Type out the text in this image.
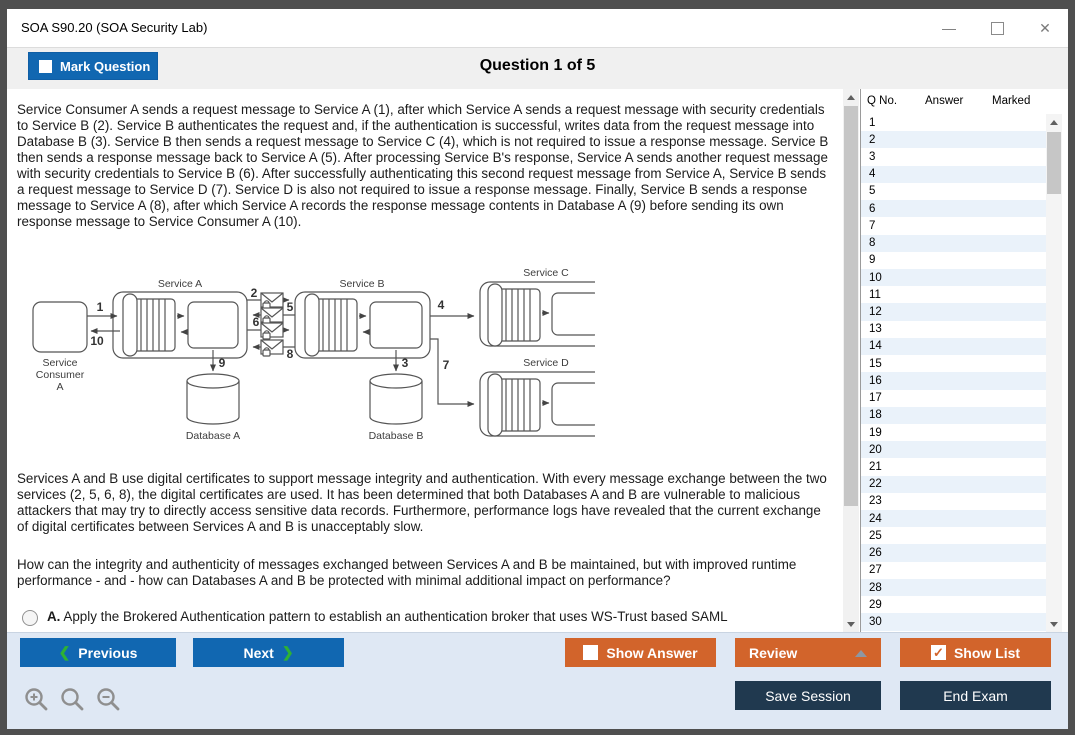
SOA S90.20 (SOA Security Lab)	—	✕
Mark Question	Question 1 of 5
Service Consumer A sends a request message to Service A (1), after which Service A sends a request message with security credentials to Service B (2). Service B authenticates the request and, if the authentication is successful, writes data from the request message into Database B (3). Service B then sends a request message to Service C (4), which is not required to issue a response message. Service B then sends a response message back to Service A (5). After processing Service B's response, Service A sends another request message with security credentials to Service B (6). After successfully authenticating this second request message from Service A, Service B sends a request message to Service D (7). Service D is also not required to issue a response message. Finally, Service B sends a response message to Service A (8), after which Service A records the response message contents in Database A (9) before sending its own response message to Service Consumer A (10).
Service
Consumer
A
Service A	Service B
Service C
Service D
Database A	Database B
1
10
2
5
6
8
9	3
4
7
Services A and B use digital certificates to support message integrity and authentication. With every message exchange between the two services (2, 5, 6, 8), the digital certificates are used. It has been determined that both Databases A and B are vulnerable to malicious attackers that may try to directly access sensitive data records. Furthermore, performance logs have revealed that the current exchange of digital certificates between Services A and B is unacceptably slow.
How can the integrity and authenticity of messages exchanged between Services A and B be maintained, but with improved runtime performance - and - how can Databases A and B be protected with minimal additional impact on performance?
A. Apply the Brokered Authentication pattern to establish an authentication broker that uses WS-Trust based SAML
Q No. Answer Marked
1
2
3
4
5
6
7
8
9
10
11
12
13
14
15
16
17
18
19
20
21
22
23
24
25
26
27
28
29
30
❮ Previous	Next ❯	Show Answer	Review	✓ Show List
Save Session	End Exam
